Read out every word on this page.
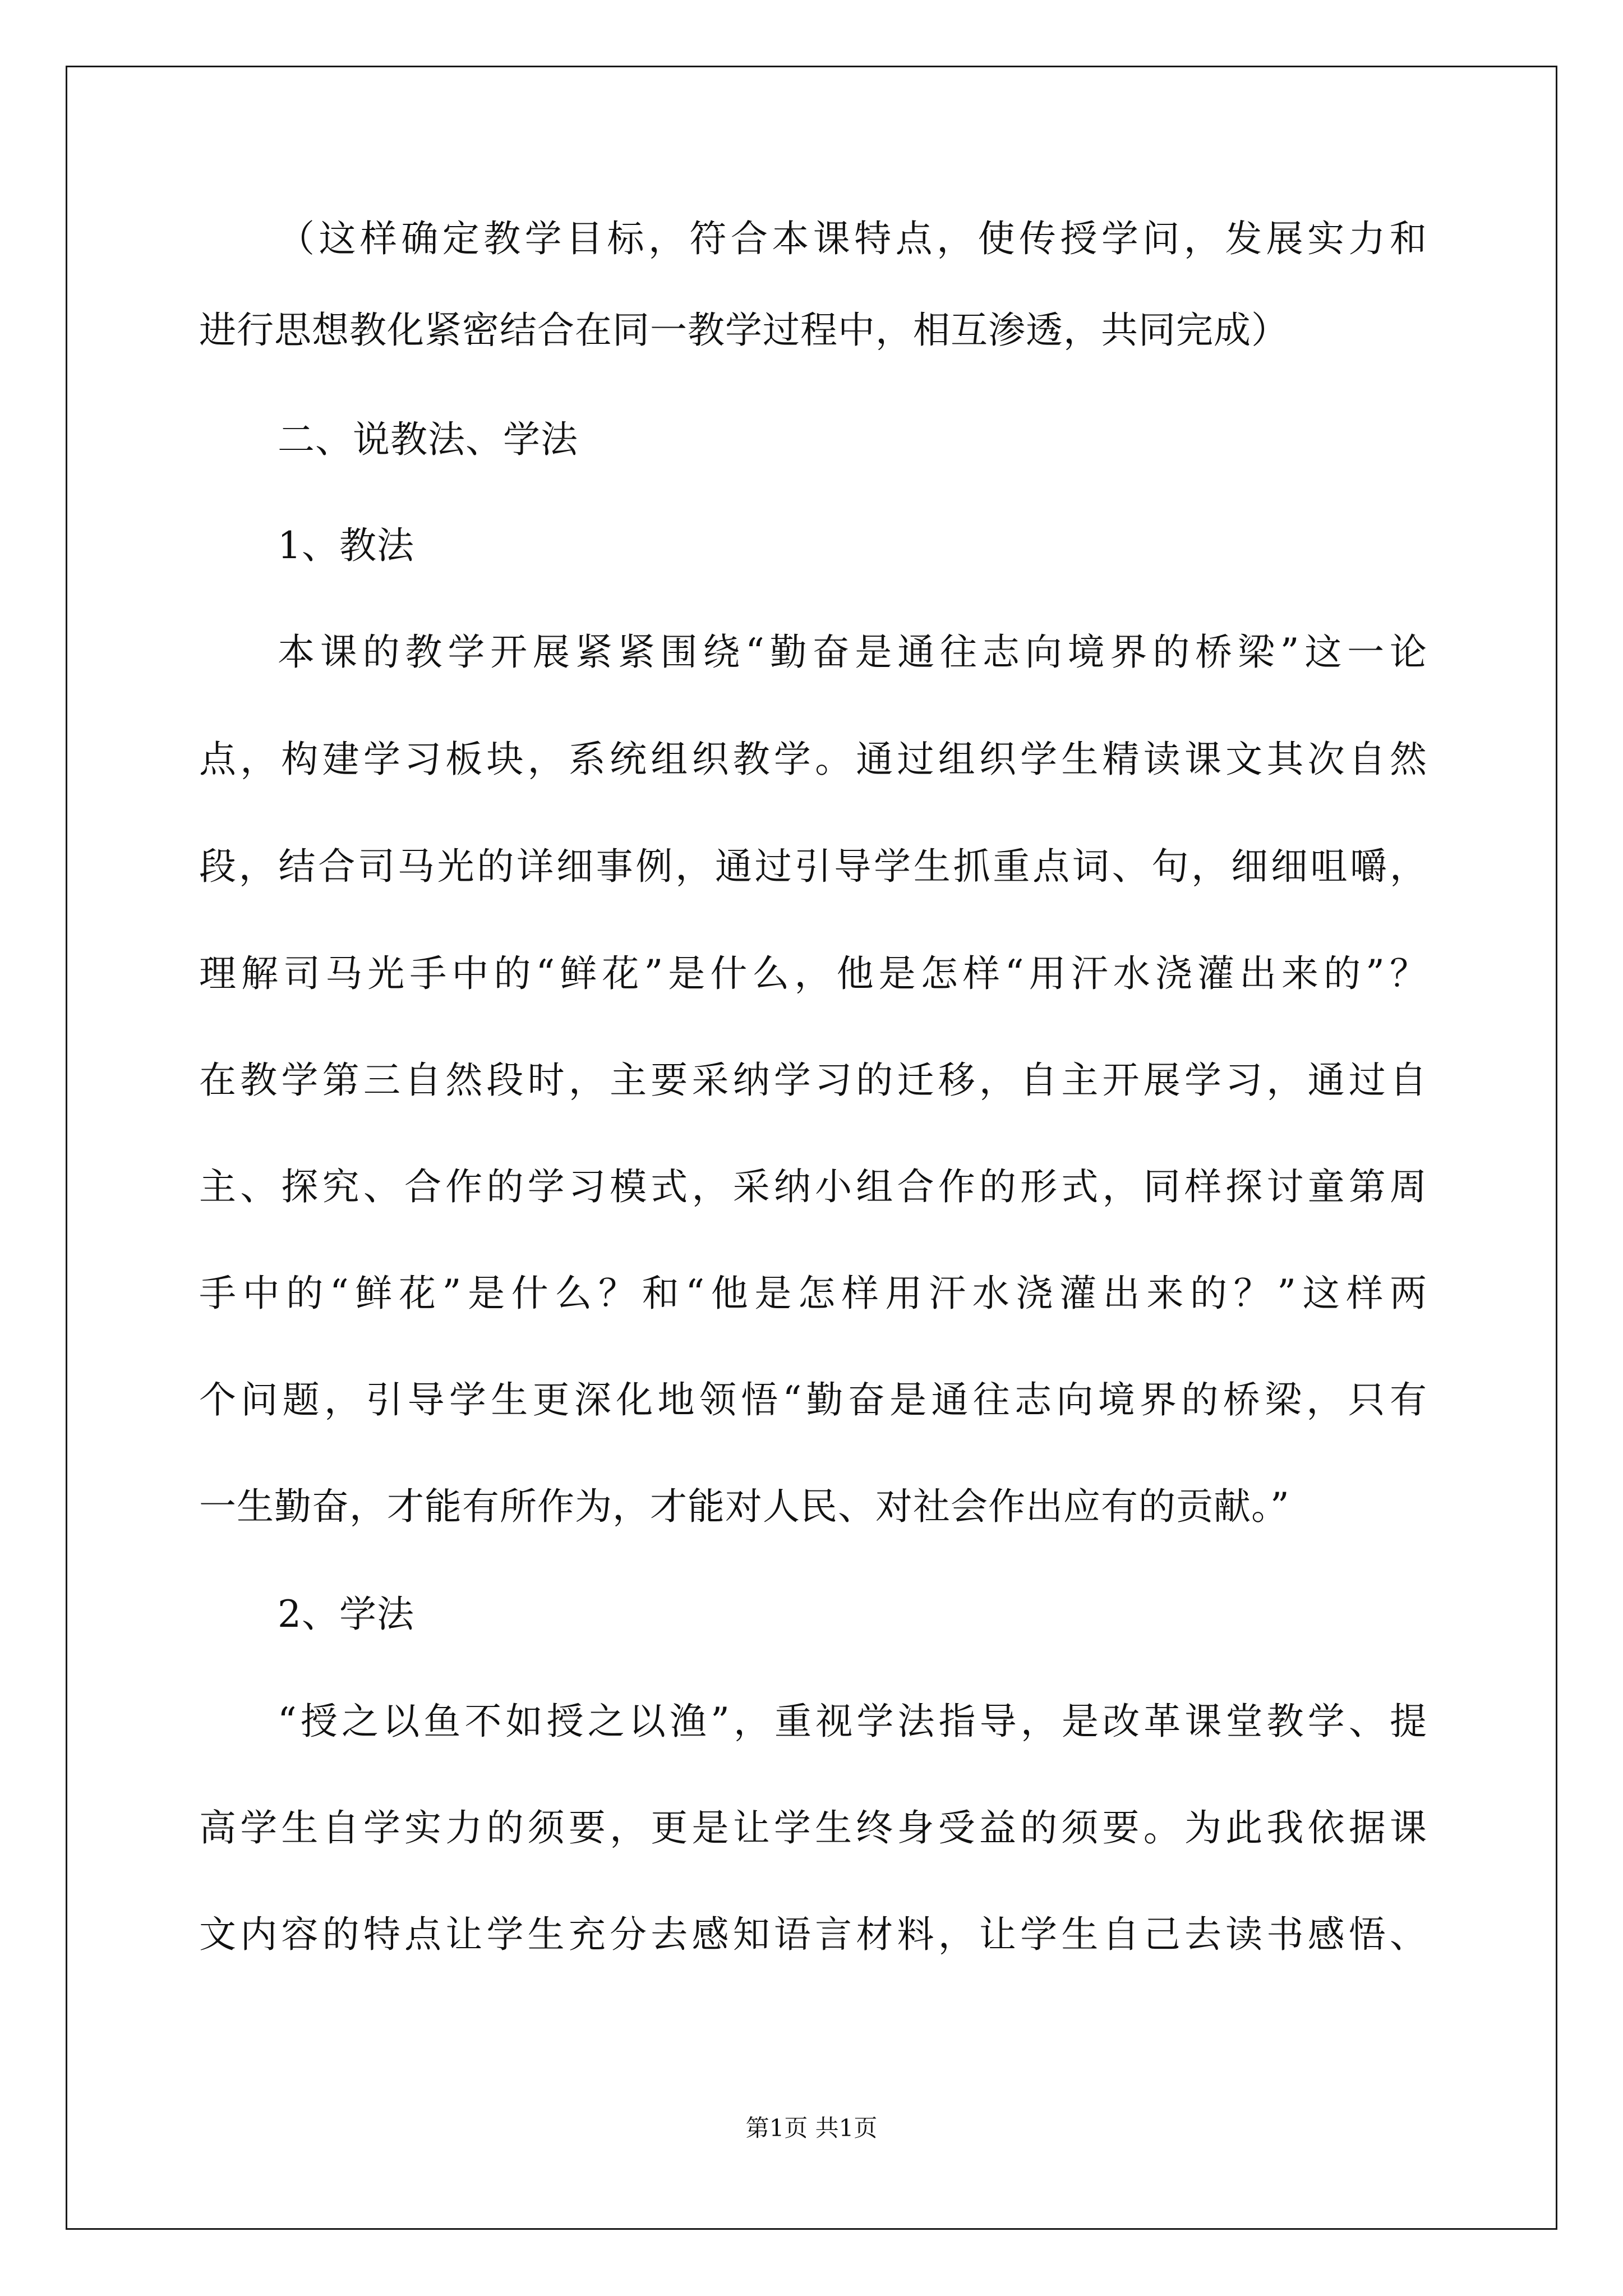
（这样确定教学目标，符合本课特点，使传授学问，发展实力和

进行思想教化紧密结合在同一教学过程中，相互渗透，共同完成）

二、说教法、学法

1、教法

本课的教学开展紧紧围绕“勤奋是通往志向境界的桥梁”这一论

点，构建学习板块，系统组织教学。通过组织学生精读课文其次自然

段，结合司马光的详细事例，通过引导学生抓重点词、句，细细咀嚼，

理解司马光手中的“鲜花”是什么，他是怎样“用汗水浇灌出来的”？

在教学第三自然段时，主要采纳学习的迁移，自主开展学习，通过自

主、探究、合作的学习模式，采纳小组合作的形式，同样探讨童第周

手中的“鲜花”是什么？和“他是怎样用汗水浇灌出来的？”这样两

个问题，引导学生更深化地领悟“勤奋是通往志向境界的桥梁，只有

一生勤奋，才能有所作为，才能对人民、对社会作出应有的贡献。”

2、学法

“授之以鱼不如授之以渔”，重视学法指导，是改革课堂教学、提

高学生自学实力的须要，更是让学生终身受益的须要。为此我依据课

文内容的特点让学生充分去感知语言材料，让学生自己去读书感悟、

第1页 共1页
